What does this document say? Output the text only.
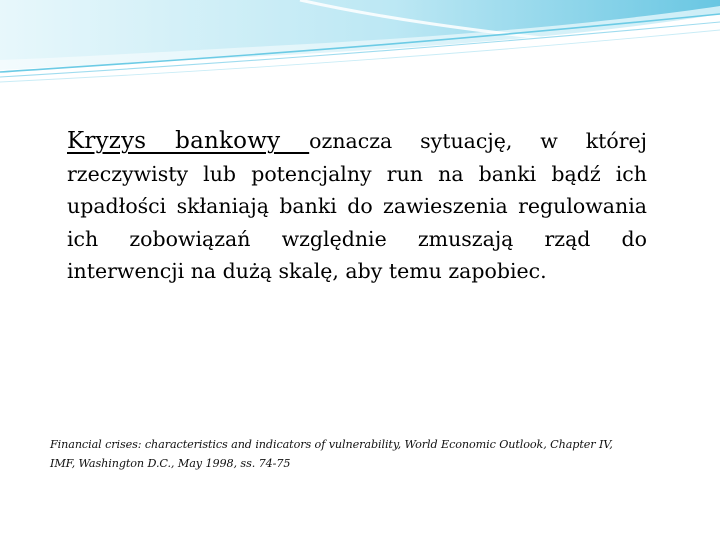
Kryzys bankowy oznacza sytuację, w której rzeczywisty lub potencjalny run na banki bądź ich upadłości skłaniają banki do zawieszenia regulowania ich zobowiązań względnie zmuszają rząd do interwencji na dużą skalę, aby temu zapobiec.

Financial crises: characteristics and indicators of vulnerability, World Economic Outlook, Chapter IV,
IMF, Washington D.C., May 1998, ss. 74-75
